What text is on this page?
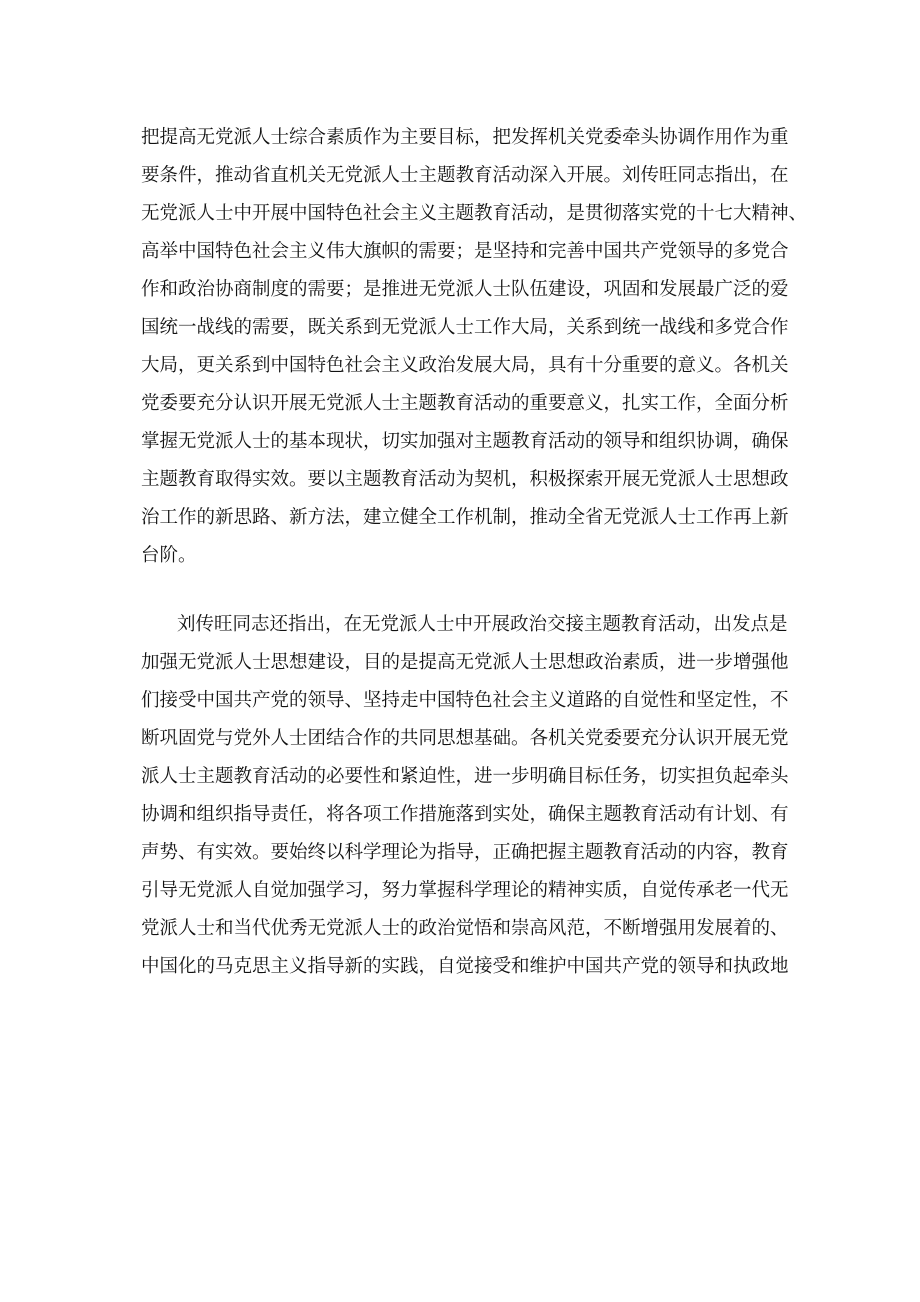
把提高无党派人士综合素质作为主要目标，把发挥机关党委牵头协调作用作为重
要条件，推动省直机关无党派人士主题教育活动深入开展。刘传旺同志指出，在
无党派人士中开展中国特色社会主义主题教育活动，是贯彻落实党的十七大精神、
高举中国特色社会主义伟大旗帜的需要；是坚持和完善中国共产党领导的多党合
作和政治协商制度的需要；是推进无党派人士队伍建设，巩固和发展最广泛的爱
国统一战线的需要，既关系到无党派人士工作大局，关系到统一战线和多党合作
大局，更关系到中国特色社会主义政治发展大局，具有十分重要的意义。各机关
党委要充分认识开展无党派人士主题教育活动的重要意义，扎实工作，全面分析
掌握无党派人士的基本现状，切实加强对主题教育活动的领导和组织协调，确保
主题教育取得实效。要以主题教育活动为契机，积极探索开展无党派人士思想政
治工作的新思路、新方法，建立健全工作机制，推动全省无党派人士工作再上新
台阶。
刘传旺同志还指出，在无党派人士中开展政治交接主题教育活动，出发点是
加强无党派人士思想建设，目的是提高无党派人士思想政治素质，进一步增强他
们接受中国共产党的领导、坚持走中国特色社会主义道路的自觉性和坚定性，不
断巩固党与党外人士团结合作的共同思想基础。各机关党委要充分认识开展无党
派人士主题教育活动的必要性和紧迫性，进一步明确目标任务，切实担负起牵头
协调和组织指导责任，将各项工作措施落到实处，确保主题教育活动有计划、有
声势、有实效。要始终以科学理论为指导，正确把握主题教育活动的内容，教育
引导无党派人自觉加强学习，努力掌握科学理论的精神实质，自觉传承老一代无
党派人士和当代优秀无党派人士的政治觉悟和崇高风范，不断增强用发展着的、
中国化的马克思主义指导新的实践，自觉接受和维护中国共产党的领导和执政地
